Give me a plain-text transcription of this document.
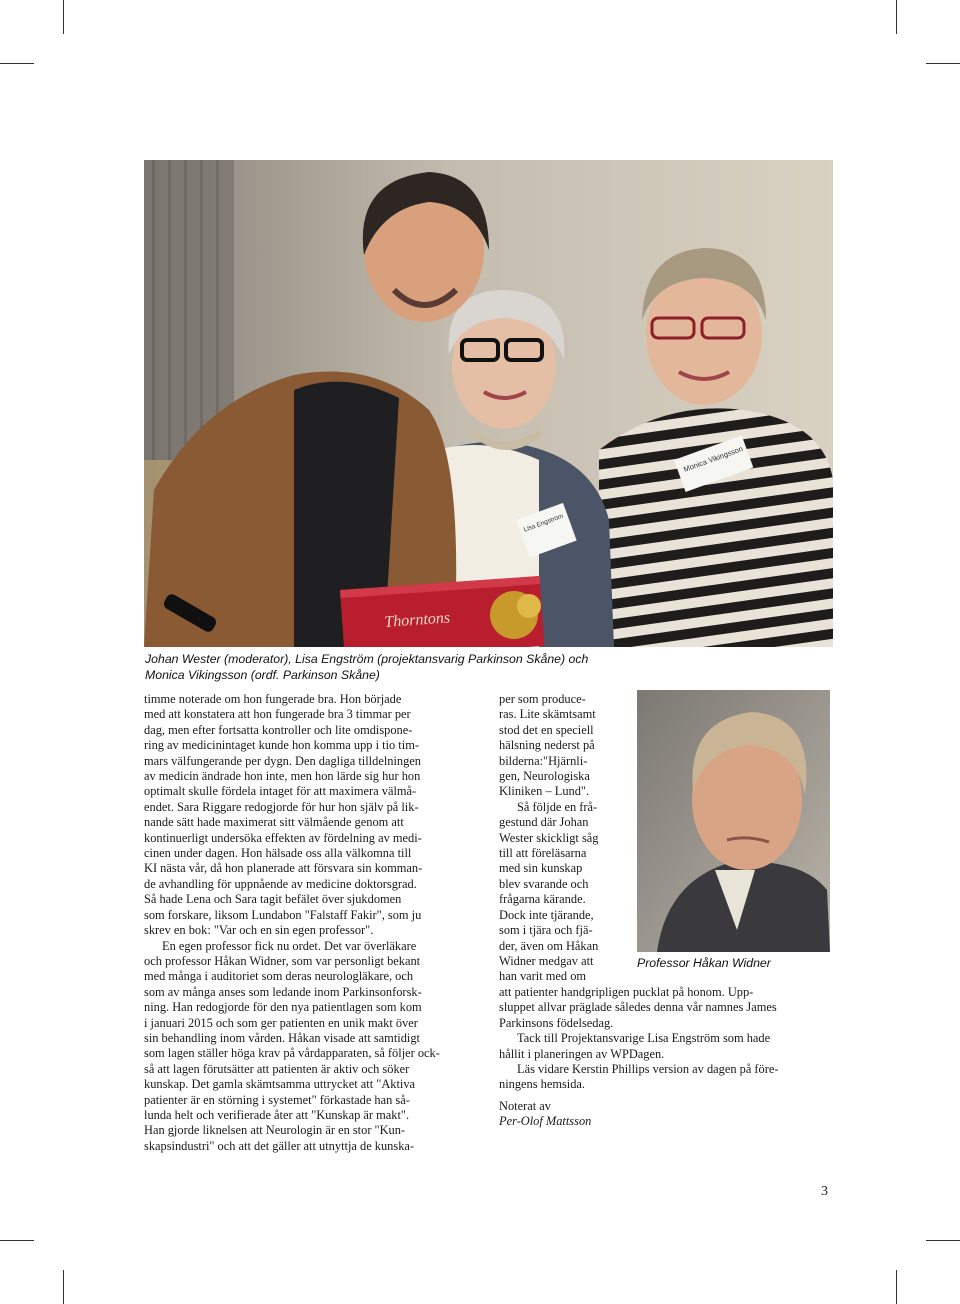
Monica Vikingsson
Lisa Engström
Thorntons
Johan Wester (moderator), Lisa Engström (projektansvarig Parkinson Skåne) och
Monica Vikingsson (ordf. Parkinson Skåne)
Professor Håkan Widner

timme noterade om hon fungerade bra. Hon började

med att konstatera att hon fungerade bra 3 timmar per

dag, men efter fortsatta kontroller och lite omdispone-

ring av medicinintaget kunde hon komma upp i tio tim-

mars välfungerande per dygn. Den dagliga tilldelningen

av medicin ändrade hon inte, men hon lärde sig hur hon

optimalt skulle fördela intaget för att maximera välmå-

endet. Sara Riggare redogjorde för hur hon själv på lik-

nande sätt hade maximerat sitt välmående genom att

kontinuerligt undersöka effekten av fördelning av medi-

cinen under dagen. Hon hälsade oss alla välkomna till

KI nästa vår, då hon planerade att försvara sin komman-

de avhandling för uppnående av medicine doktorsgrad.

Så hade Lena och Sara tagit befälet över sjukdomen

som forskare, liksom Lundabon "Falstaff Fakir", som ju

skrev en bok: "Var och en sin egen professor".

En egen professor fick nu ordet. Det var överläkare

och professor Håkan Widner, som var personligt bekant

med många i auditoriet som deras neurologläkare, och

som av många anses som ledande inom Parkinsonforsk-

ning. Han redogjorde för den nya patientlagen som kom

i januari 2015 och som ger patienten en unik makt över

sin behandling inom vården. Håkan visade att samtidigt

som lagen ställer höga krav på vårdapparaten, så följer ock-

så att lagen förutsätter att patienten är aktiv och söker

kunskap. Det gamla skämtsamma uttrycket att "Aktiva

patienter är en störning i systemet" förkastade han så-

lunda helt och verifierade åter att "Kunskap är makt".

Han gjorde liknelsen att Neurologin är en stor "Kun-

skapsindustri" och att det gäller att utnyttja de kunska-

per som produce-

ras. Lite skämtsamt

stod det en speciell

hälsning nederst på

bilderna:"Hjärnli-

gen, Neurologiska

Kliniken – Lund".

Så följde en frå-

gestund där Johan

Wester skickligt såg

till att föreläsarna

med sin kunskap

blev svarande och

frågarna kärande.

Dock inte tjärande,

som i tjära och fjä-

der, även om Håkan

Widner medgav att

han varit med om

att patienter handgripligen pucklat på honom. Upp-

sluppet allvar präglade således denna vår namnes James

Parkinsons födelsedag.

Tack till Projektansvarige Lisa Engström som hade

hållit i planeringen av WPDagen.

Läs vidare Kerstin Phillips version av dagen på före-

ningens hemsida.

Noterat av

Per-Olof Mattsson

3
